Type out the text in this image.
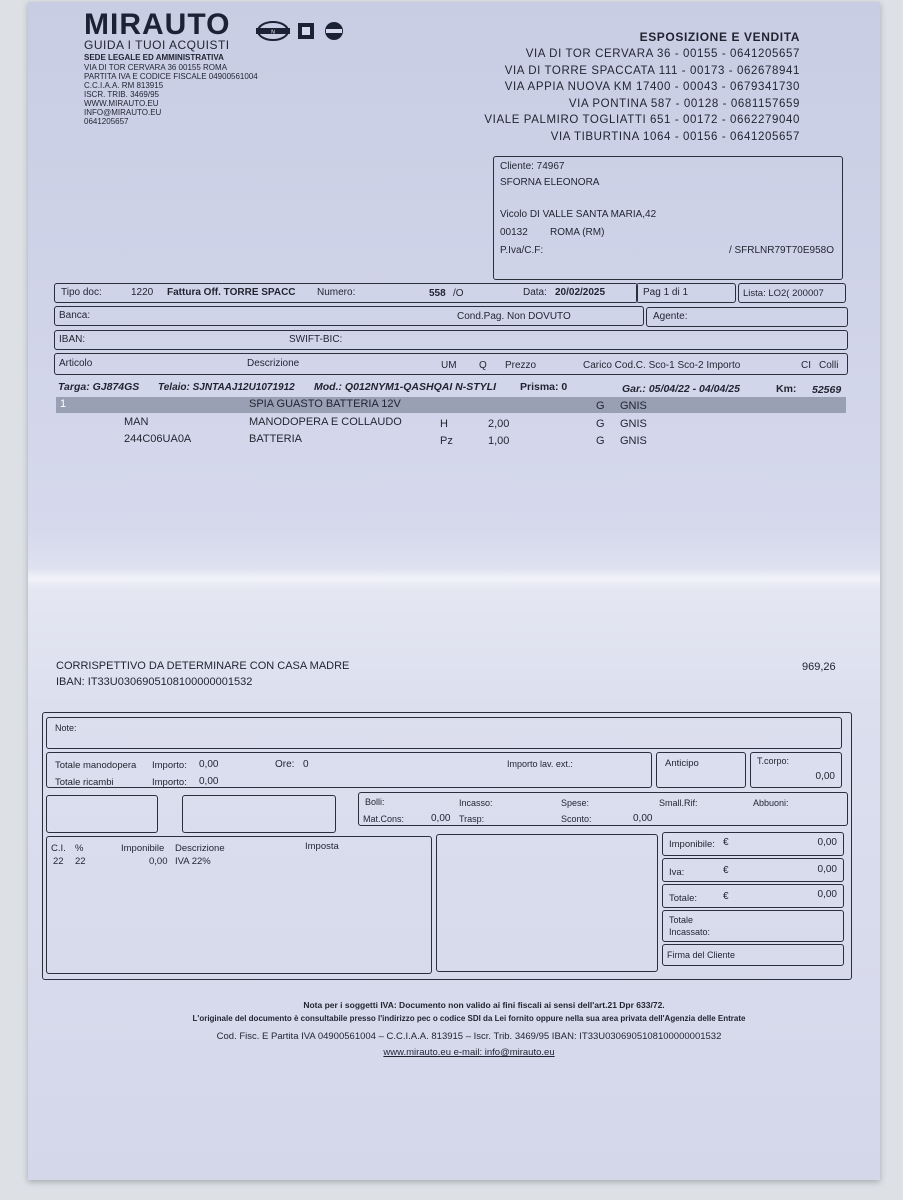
MIRAUTO	N

GUIDA I TUOI ACQUISTI
SEDE LEGALE ED AMMINISTRATIVA
VIA DI TOR CERVARA 36 00155 ROMA
PARTITA IVA E CODICE FISCALE 04900561004
C.C.I.A.A. RM 813915
ISCR. TRIB. 3469/95
WWW.MIRAUTO.EU
INFO@MIRAUTO.EU
0641205657
ESPOSIZIONE E VENDITA
VIA DI TOR CERVARA 36 - 00155 - 0641205657
VIA DI TORRE SPACCATA 111 - 00173 - 062678941
VIA APPIA NUOVA KM 17400 - 00043 - 0679341730
VIA PONTINA 587 - 00128 - 0681157659
VIALE PALMIRO TOGLIATTI 651 - 00172 - 0662279040
VIA TIBURTINA 1064 - 00156 - 0641205657
Cliente: 74967
SFORNA ELEONORA
Vicolo DI VALLE SANTA MARIA,42
00132 ROMA (RM)
P.Iva/C.F:	/ SFRLNR79T70E958O
Tipo doc:	1220 Fattura Off. TORRE SPACC Numero:	558 /O	Data: 20/02/2025	Pag 1 di 1	Lista: LO2( 200007
Banca:	Cond.Pag. Non DOVUTO	Agente:
IBAN:	SWIFT-BIC:
Articolo	Descrizione	UM Q Prezzo	Carico Cod.C. Sco-1 Sco-2 Importo	CI Colli
Targa: GJ874GS Telaio: SJNTAAJ12U1071912 Mod.: Q012NYM1-QASHQAI N-STYLI Prisma: 0	Gar.: 05/04/22 - 04/04/25	Km: 52569
1	SPIA GUASTO BATTERIA 12V	G GNIS
MAN	MANODOPERA E COLLAUDO	H	2,00	G GNIS
244C06UA0A	BATTERIA	Pz	1,00	G GNIS
CORRISPETTIVO DA DETERMINARE CON CASA MADRE	969,26
IBAN: IT33U0306905108100000001532
Note:
Totale manodopera Importo: 0,00	Ore: 0
Totale ricambi	Importo: 0,00
Importo lav. ext.:	Anticipo	T.corpo:
0,00
Bolli:	Incasso:	Spese:	Small.Rif:	Abbuoni:
Mat.Cons:	0,00 Trasp:	Sconto:	0,00
C.I. %	Imponibile Descrizione	Imposta
22 22	0,00 IVA 22%
Imponibile: €	0,00
Iva:	€	0,00
Totale:	€	0,00
Totale
Incassato:
Firma del Cliente
Nota per i soggetti IVA: Documento non valido ai fini fiscali ai sensi dell'art.21 Dpr 633/72.
L'originale del documento è consultabile presso l'indirizzo pec o codice SDI da Lei fornito oppure nella sua area privata dell'Agenzia delle Entrate
Cod. Fisc. E Partita IVA 04900561004 – C.C.I.A.A. 813915 – Iscr. Trib. 3469/95 IBAN: IT33U0306905108100000001532
www.mirauto.eu e-mail: info@mirauto.eu
